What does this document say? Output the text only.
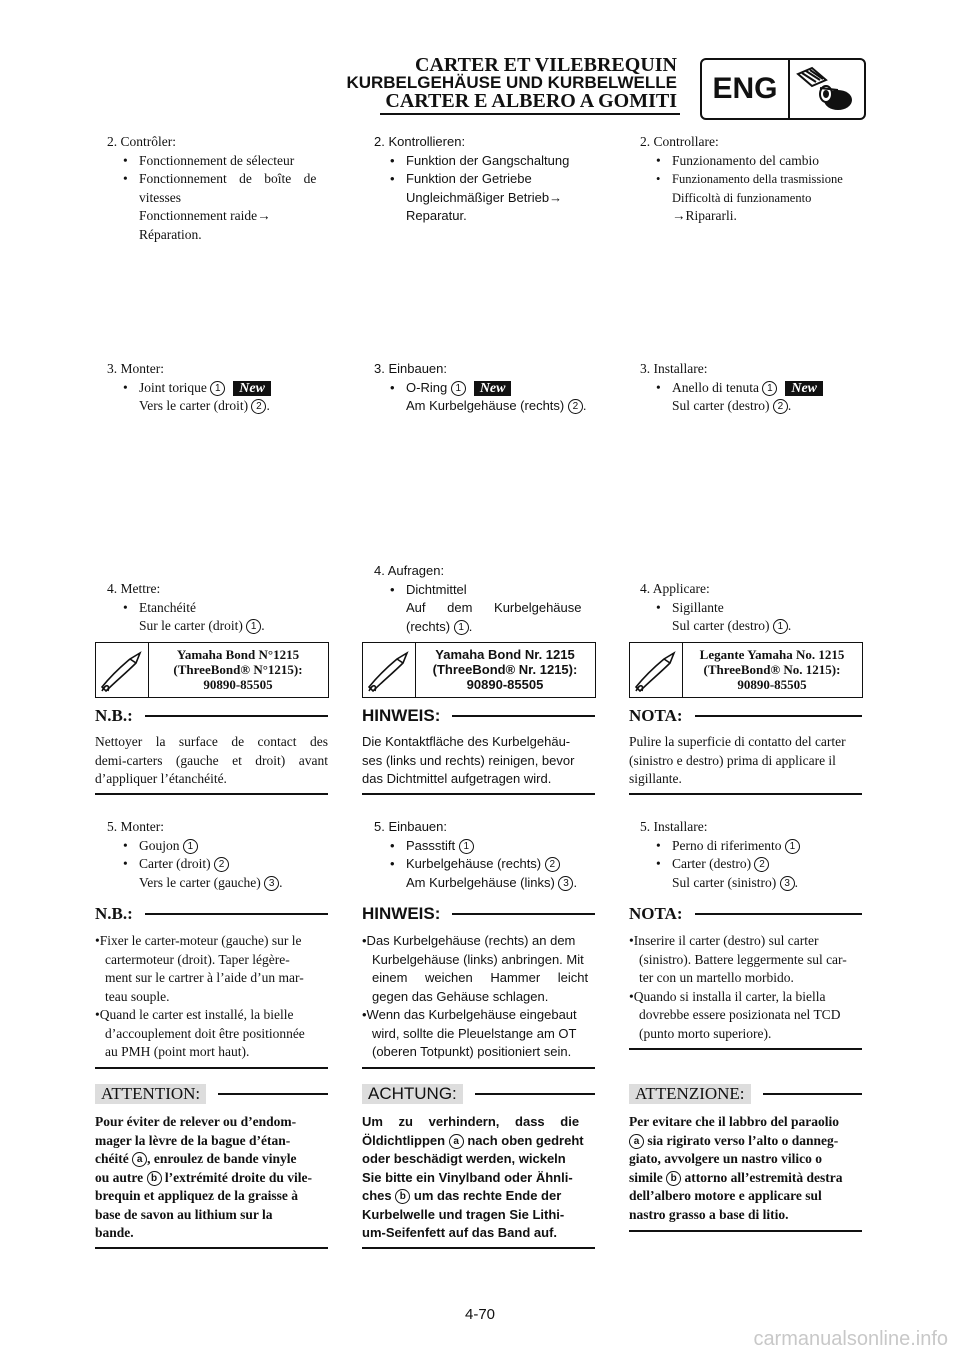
CARTER ET VILEBREQUIN
KURBELGEHÄUSE UND KURBELWELLE
CARTER E ALBERO A GOMITI	ENG
2. Contrôler:
• Fonctionnement de sélecteur
• Fonctionnement de boîte de
vitesses
Fonctionnement raide→
Réparation.
3. Monter:
• Joint torique 1 New
Vers le carter (droit) 2 .
4. Mettre:
• Etanchéité
Sur le carter (droit) 1 .
Yamaha Bond N°1215
(ThreeBond® N°1215):
90890-85505
N.B.:
Nettoyer la surface de contact des
demi-carters (gauche et droit) avant
d’appliquer l’étanchéité.
5. Monter:
• Goujon 1
• Carter (droit) 2
Vers le carter (gauche) 3 .
N.B.:
•Fixer le carter-moteur (gauche) sur le
cartermoteur (droit). Taper légère-
ment sur le cartrer à l’aide d’un mar-
teau souple.
•Quand le carter est installé, la bielle
d’accouplement doit être positionnée
au PMH (point mort haut).
ATTENTION:
Pour éviter de relever ou d’endom-
mager la lèvre de la bague d’étan-
chéité a , enroulez de bande vinyle
ou autre b l’extrémité droite du vile-
brequin et appliquez de la graisse à
base de savon au lithium sur la
bande.
2. Kontrollieren:
• Funktion der Gangschaltung
• Funktion der Getriebe
Ungleichmäßiger Betrieb→
Reparatur.
3. Einbauen:
• O-Ring 1 New
Am Kurbelgehäuse (rechts) 2 .
4. Aufragen:
• Dichtmittel
Auf dem Kurbelgehäuse
(rechts) 1 .
Yamaha Bond Nr. 1215
(ThreeBond® Nr. 1215):
90890-85505
HINWEIS:
Die Kontaktfläche des Kurbelgehäu-
ses (links und rechts) reinigen, bevor
das Dichtmittel aufgetragen wird.
5. Einbauen:
• Passstift 1
• Kurbelgehäuse (rechts) 2
Am Kurbelgehäuse (links) 3 .
HINWEIS:
•Das Kurbelgehäuse (rechts) an dem
Kurbelgehäuse (links) anbringen. Mit
einem weichen Hammer leicht
gegen das Gehäuse schlagen.
•Wenn das Kurbelgehäuse eingebaut
wird, sollte die Pleuelstange am OT
(oberen Totpunkt) positioniert sein.
ACHTUNG:
Um zu verhindern, dass die
Öldichtlippen a nach oben gedreht
oder beschädigt werden, wickeln
Sie bitte ein Vinylband oder Ähnli-
ches b um das rechte Ende der
Kurbelwelle und tragen Sie Lithi-
um-Seifenfett auf das Band auf.
2. Controllare:
• Funzionamento del cambio
• Funzionamento della trasmissione
Difficoltà di funzionamento
→Ripararli.
3. Installare:
• Anello di tenuta 1 New
Sul carter (destro) 2 .
4. Applicare:
• Sigillante
Sul carter (destro) 1 .
Legante Yamaha No. 1215
(ThreeBond® No. 1215):
90890-85505
NOTA:
Pulire la superficie di contatto del carter
(sinistro e destro) prima di applicare il
sigillante.
5. Installare:
• Perno di riferimento 1
• Carter (destro) 2
Sul carter (sinistro) 3 .
NOTA:
•Inserire il carter (destro) sul carter
(sinistro). Battere leggermente sul car-
ter con un martello morbido.
•Quando si installa il carter, la biella
dovrebbe essere posizionata nel TCD
(punto morto superiore).
ATTENZIONE:
Per evitare che il labbro del paraolio
a sia rigirato verso l’alto o danneg-
giato, avvolgere un nastro vilico o
simile b attorno all’estremità destra
dell’albero motore e applicare sul
nastro grasso a base di litio.
4-70
carmanualsonline.info
